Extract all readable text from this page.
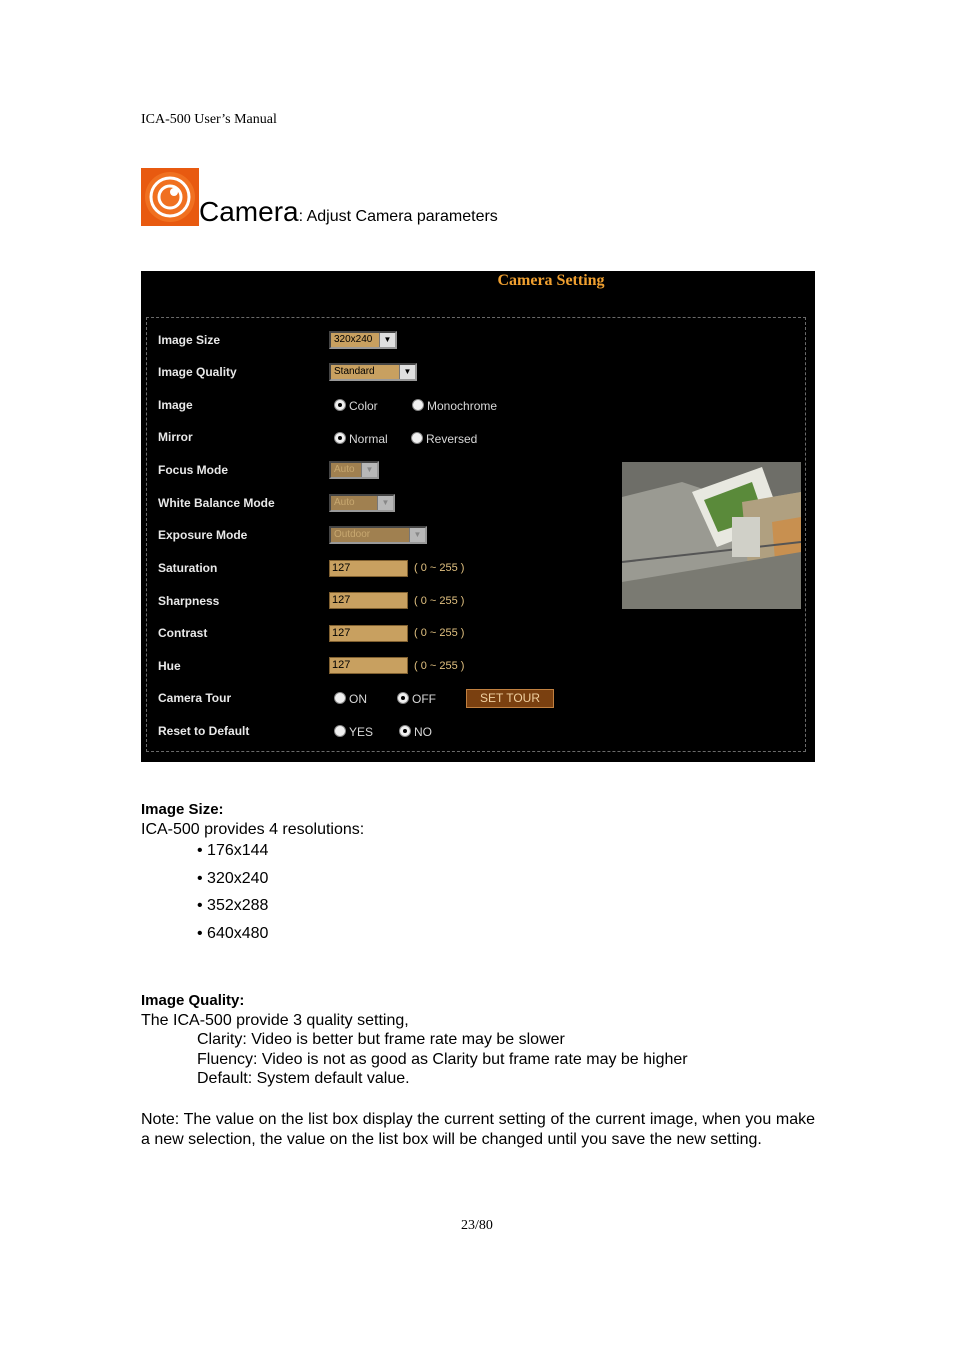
ICA-500 User’s Manual
Camera: Adjust Camera parameters
Camera Setting
Image Size	320x240	▼
Image Quality	Standard	▼
Image	Color	Monochrome
Mirror	Normal	Reversed
Focus Mode	Auto	▼
White Balance Mode	Auto	▼
Exposure Mode	Outdoor	▼
Saturation	127	( 0 ~ 255 )
Sharpness	127	( 0 ~ 255 )
Contrast	127	( 0 ~ 255 )
Hue	127	( 0 ~ 255 )
Camera Tour	ON	OFF	SET TOUR
Reset to Default	YES	NO
Image Size:
ICA-500 provides 4 resolutions:
• 176x144
• 320x240
• 352x288
• 640x480
Image Quality:
The ICA-500 provide 3 quality setting,
Clarity: Video is better but frame rate may be slower
Fluency: Video is not as good as Clarity but frame rate may be higher
Default: System default value.
Note: The value on the list box display the current setting of the current image, when you make a new selection, the value on the list box will be changed until you save the new setting.
23/80
